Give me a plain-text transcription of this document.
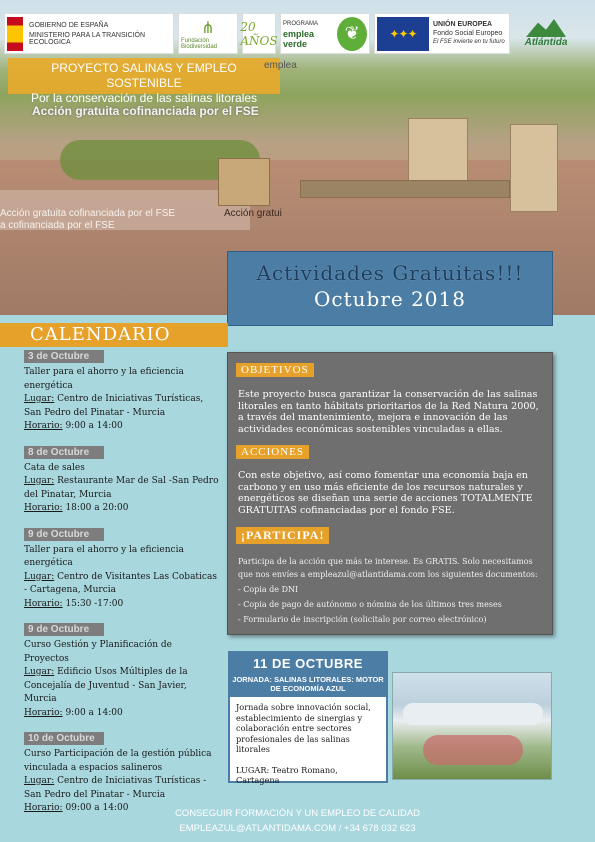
GOBIERNO DE ESPAÑA
MINISTERIO PARA LA TRANSICIÓN ECOLÓGICA
⋔
Fundación Biodiversidad
20 AÑOS
PROGRAMA
emplea verde
❦	✦✦✦
UNIÓN EUROPEA
Fondo Social Europeo
El FSE invierte en tu futuro Atlántida
PROYECTO SALINAS Y EMPLEO SOSTENIBLE
Por la conservación de las salinas litorales
emplea
Acción gratuita cofinanciada por el FSE
Acción gratuita cofinanciada por el FSE
a cofinanciada por el FSE
Acción gratui
Actividades Gratuitas!!!
Octubre 2018
CALENDARIO
3 de Octubre
Taller para el ahorro y la eficiencia energética
Lugar: Centro de Iniciativas Turísticas, San Pedro del Pinatar - Murcia
Horario: 9:00 a 14:00
8 de Octubre
Cata de sales
Lugar: Restaurante Mar de Sal -San Pedro del Pinatar, Murcia
Horario: 18:00 a 20:00
9 de Octubre
Taller para el ahorro y la eficiencia energética
Lugar: Centro de Visitantes Las Cobaticas - Cartagena, Murcia
Horario: 15:30 -17:00
9 de Octubre
Curso Gestión y Planificación de Proyectos
Lugar: Edificio Usos Múltiples de la Concejalía de Juventud - San Javier, Murcia
Horario: 9:00 a 14:00
10 de Octubre
Curso Participación de la gestión pública vinculada a espacios salineros
Lugar: Centro de Iniciativas Turísticas - San Pedro del Pinatar - Murcia
Horario: 09:00 a 14:00
OBJETIVOS
Este proyecto busca garantizar la conservación de las salinas litorales en tanto hábitats prioritarios de la Red Natura 2000, a través del mantenimiento, mejora e innovación de las actividades económicas sostenibles vinculadas a ellas.
ACCIONES
Con este objetivo, así como fomentar una economía baja en carbono y en uso más eficiente de los recursos naturales y energéticos se diseñan una serie de acciones TOTALMENTE GRATUITAS cofinanciadas por el fondo FSE.
¡PARTICIPA!
Participa de la acción que más te interese. Es GRATIS. Solo necesitamos que nos envíes a empleazul@atlantidama.com los siguientes documentos:
- Copia de DNI
- Copia de pago de autónomo o nómina de los últimos tres meses
- Formulario de inscripción (solicitalo por correo electrónico)
11 DE OCTUBRE
JORNADA: SALINAS LITORALES: MOTOR DE ECONOMÍA AZUL
Jornada sobre innovación social, establecimiento de sinergias y colaboración entre sectores profesionales de las salinas litorales
LUGAR: Teatro Romano, Cartagena
CONSEGUIR FORMACIÓN Y UN EMPLEO DE CALIDAD
EMPLEAZUL@ATLANTIDAMA.COM / +34 678 032 623
